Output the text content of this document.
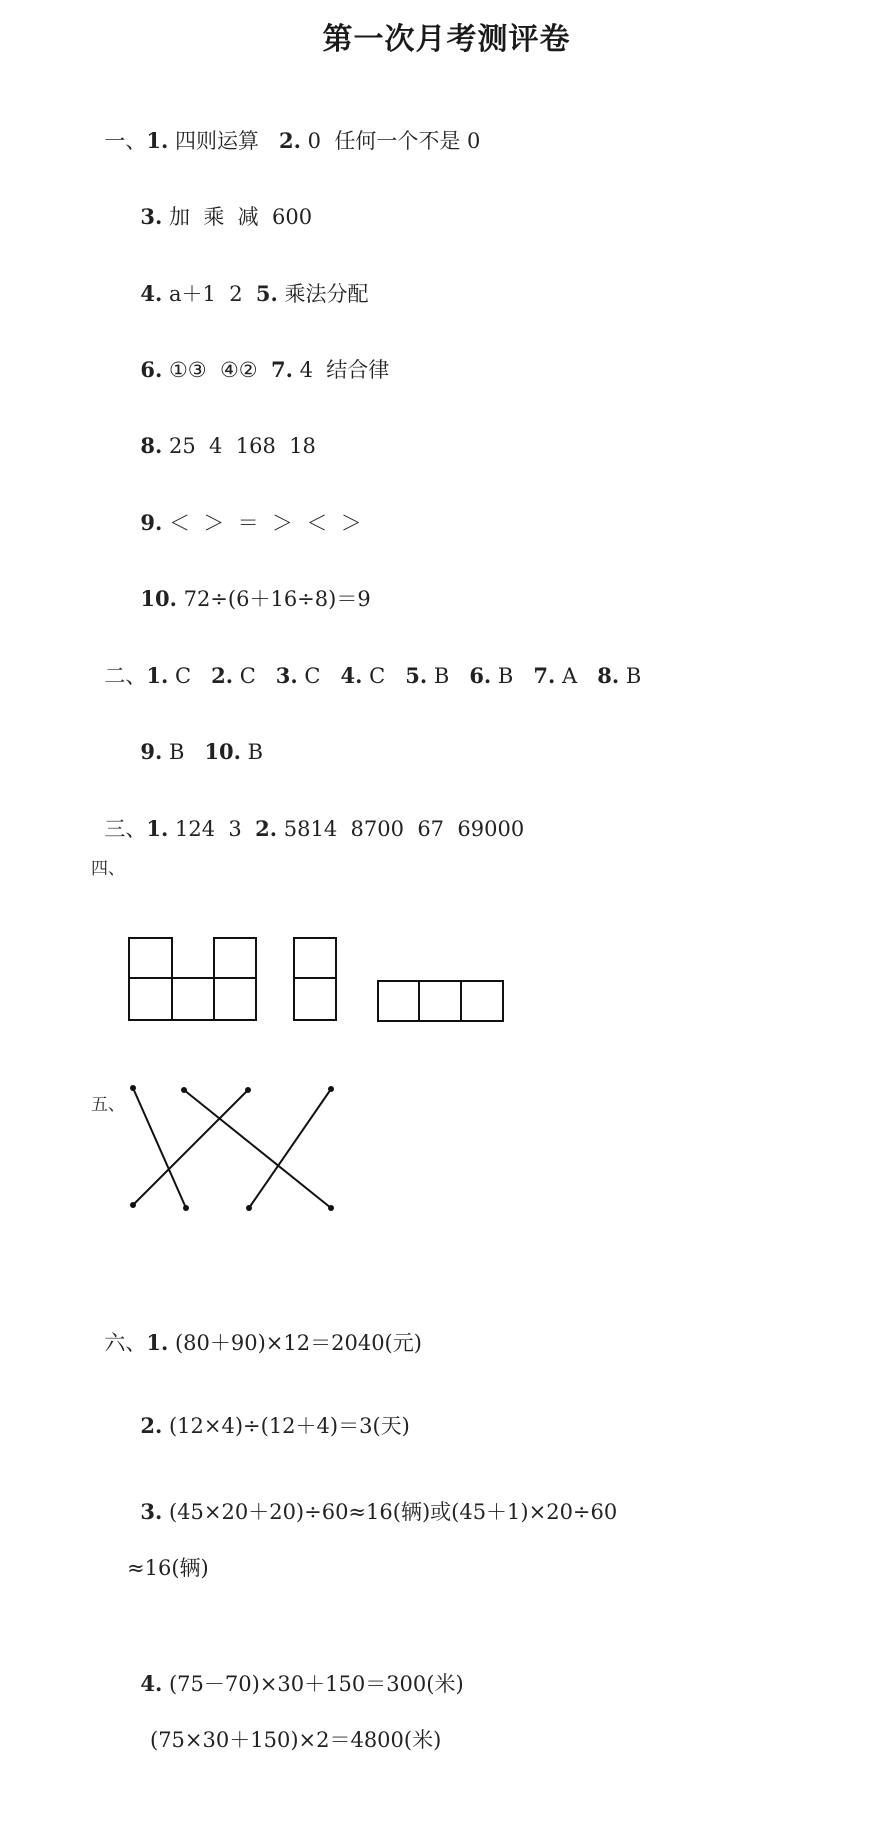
第一次月考测评卷

一、1. 四则运算   2. 0  任何一个不是 0

3. 加  乘  减  600

4. a＋1  2  5. 乘法分配

6. ①③  ④②  7. 4  结合律

8. 25  4  168  18

9. ＜  ＞  ＝  ＞  ＜  ＞

10. 72÷(6＋16÷8)＝9

二、1. C   2. C   3. C   4. C   5. B   6. B   7. A   8. B

9. B   10. B

三、1. 124  3  2. 5814  8700  67  69000

四、
五、

六、1. (80＋90)×12＝2040(元)

2. (12×4)÷(12＋4)＝3(天)

3. (45×20＋20)÷60≈16(辆)或(45＋1)×20÷60

≈16(辆)

4. (75－70)×30＋150＝300(米)

(75×30＋150)×2＝4800(米)
